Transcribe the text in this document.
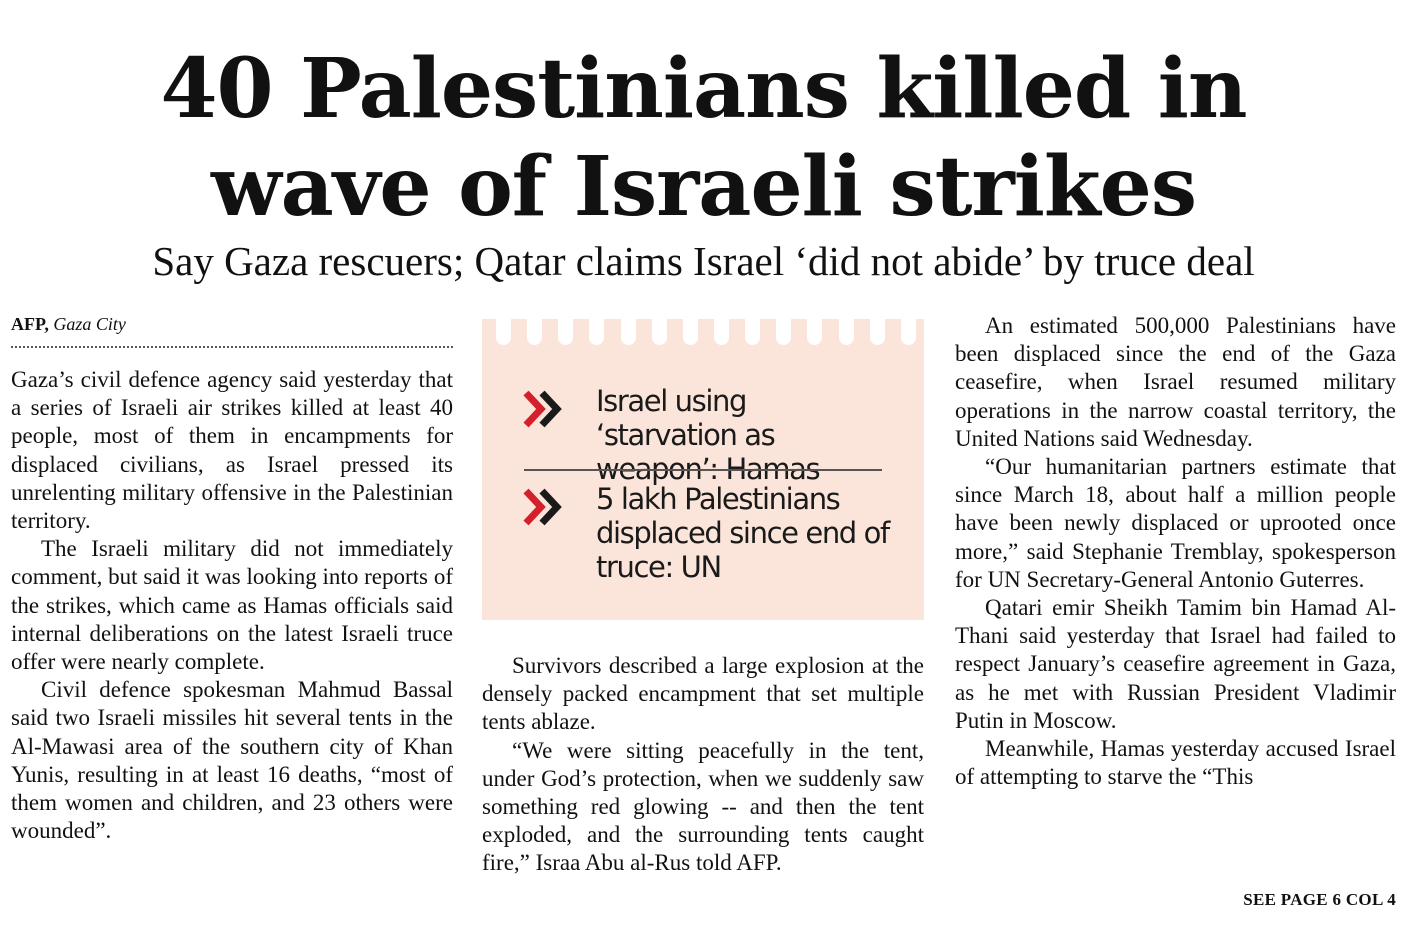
40 Palestinians killed in
wave of Israeli strikes

Say Gaza rescuers; Qatar claims Israel ‘did not abide’ by truce deal

AFP, Gaza City

Gaza’s civil defence agency said yesterday that a series of Israeli air strikes killed at least 40 people, most of them in encampments for displaced civilians, as Israel pressed its unrelenting military offensive in the Palestinian territory.

The Israeli military did not immediately comment, but said it was looking into reports of the strikes, which came as Hamas officials said internal deliberations on the latest Israeli truce offer were nearly complete.

Civil defence spokesman Mahmud Bassal said two Israeli missiles hit several tents in the Al-Mawasi area of the southern city of Khan Yunis, resulting in at least 16 deaths, “most of them women and children, and 23 others were wounded”.

Israel using ‘starvation as weapon’: Hamas
5 lakh Palestinians displaced since end of truce: UN

Survivors described a large explosion at the densely packed encampment that set multiple tents ablaze.

“We were sitting peacefully in the tent, under God’s protection, when we suddenly saw something red glowing -- and then the tent exploded, and the surrounding tents caught fire,” Israa Abu al-Rus told AFP.

An estimated 500,000 Palestinians have been displaced since the end of the Gaza ceasefire, when Israel resumed military operations in the narrow coastal territory, the United Nations said Wednesday.

“Our humanitarian partners estimate that since March 18, about half a million people have been newly displaced or uprooted once more,” said Stephanie Tremblay, spokesperson for UN Secretary-General Antonio Guterres.

Qatari emir Sheikh Tamim bin Hamad Al-Thani said yesterday that Israel had failed to respect January’s ceasefire agreement in Gaza, as he met with Russian President Vladimir Putin in Moscow.

Meanwhile, Hamas yesterday accused Israel of attempting to starve the “This

SEE PAGE 6 COL 4
